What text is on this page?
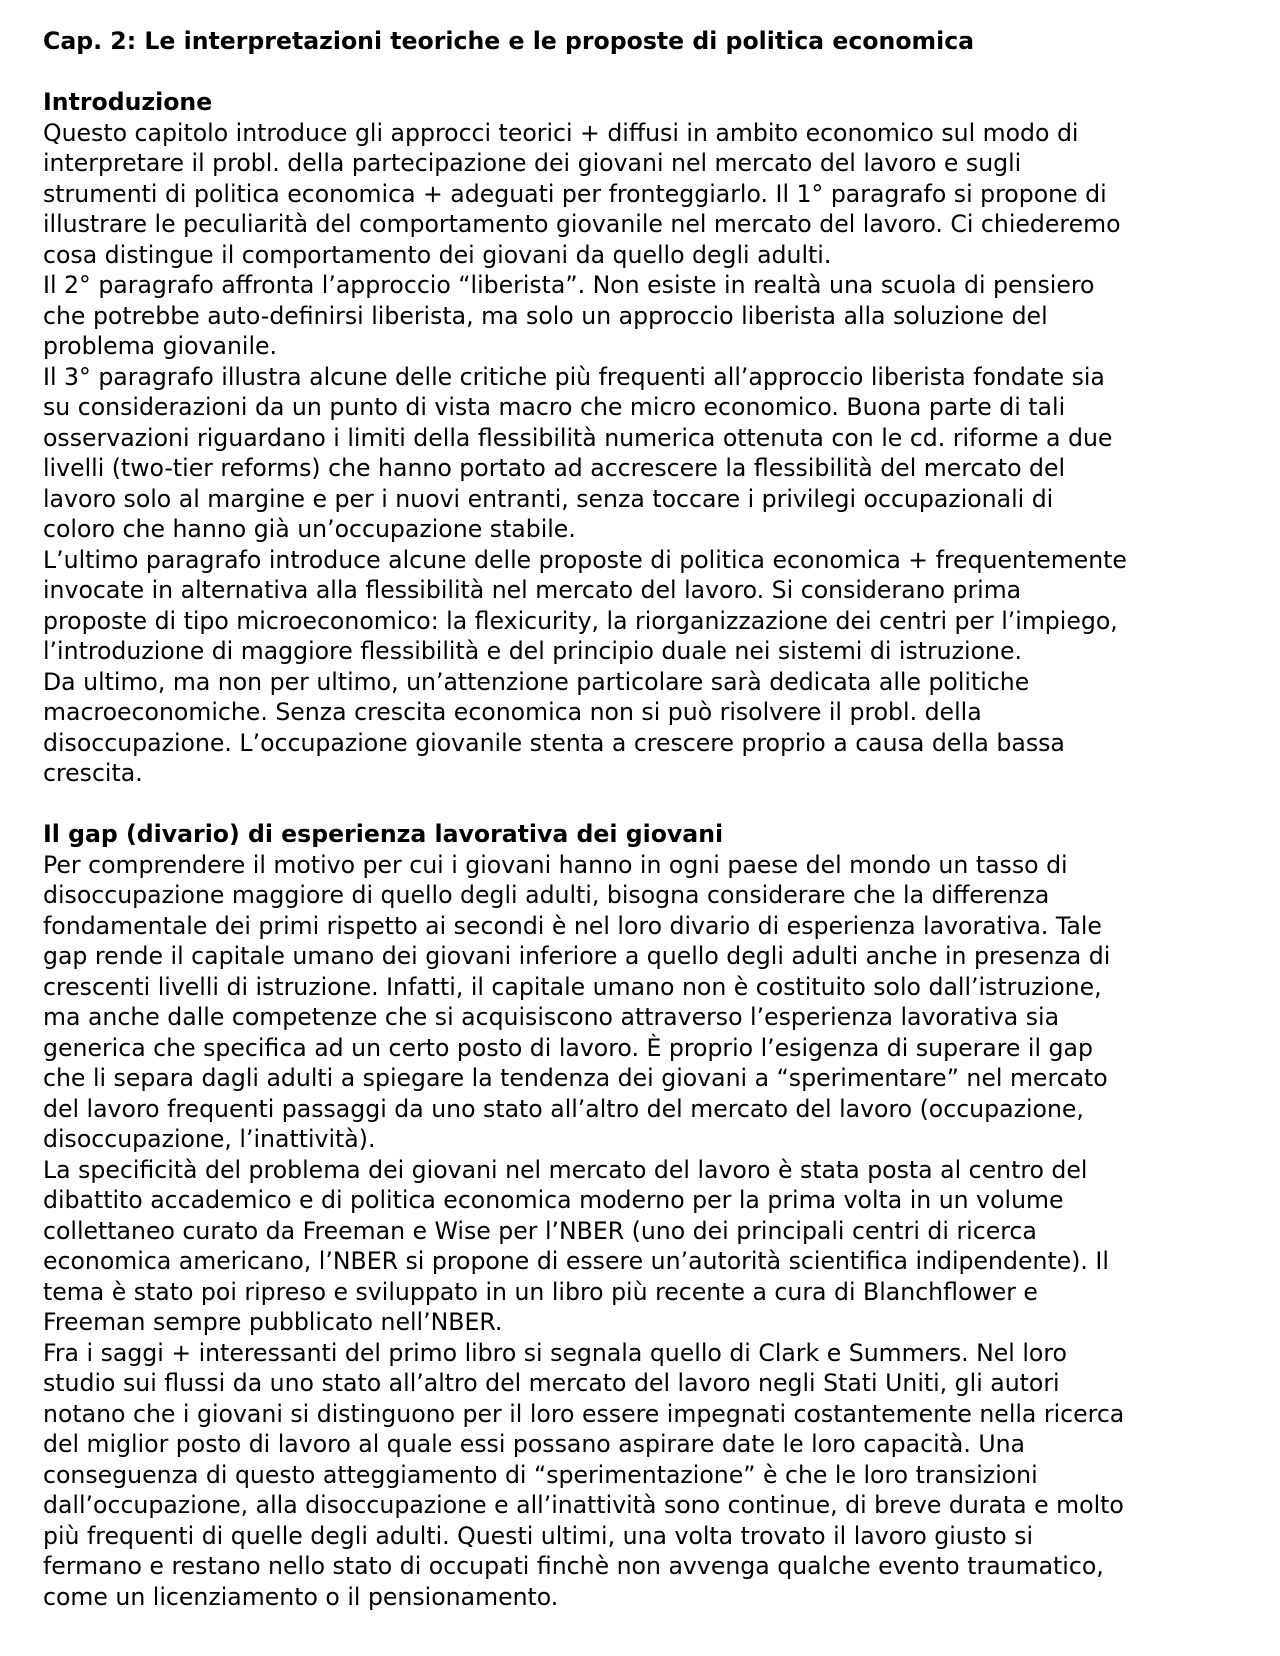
Cap. 2: Le interpretazioni teoriche e le proposte di politica economica
Introduzione
Questo capitolo introduce gli approcci teorici + diffusi in ambito economico sul modo di
interpretare il probl. della partecipazione dei giovani nel mercato del lavoro e sugli
strumenti di politica economica + adeguati per fronteggiarlo. Il 1° paragrafo si propone di
illustrare le peculiarità del comportamento giovanile nel mercato del lavoro. Ci chiederemo
cosa distingue il comportamento dei giovani da quello degli adulti.
Il 2° paragrafo affronta l’approccio “liberista”. Non esiste in realtà una scuola di pensiero
che potrebbe auto-definirsi liberista, ma solo un approccio liberista alla soluzione del
problema giovanile.
Il 3° paragrafo illustra alcune delle critiche più frequenti all’approccio liberista fondate sia
su considerazioni da un punto di vista macro che micro economico. Buona parte di tali
osservazioni riguardano i limiti della flessibilità numerica ottenuta con le cd. riforme a due
livelli (two-tier reforms) che hanno portato ad accrescere la flessibilità del mercato del
lavoro solo al margine e per i nuovi entranti, senza toccare i privilegi occupazionali di
coloro che hanno già un’occupazione stabile.
L’ultimo paragrafo introduce alcune delle proposte di politica economica + frequentemente
invocate in alternativa alla flessibilità nel mercato del lavoro. Si considerano prima
proposte di tipo microeconomico: la flexicurity, la riorganizzazione dei centri per l’impiego,
l’introduzione di maggiore flessibilità e del principio duale nei sistemi di istruzione.
Da ultimo, ma non per ultimo, un’attenzione particolare sarà dedicata alle politiche
macroeconomiche. Senza crescita economica non si può risolvere il probl. della
disoccupazione. L’occupazione giovanile stenta a crescere proprio a causa della bassa
crescita.
Il gap (divario) di esperienza lavorativa dei giovani
Per comprendere il motivo per cui i giovani hanno in ogni paese del mondo un tasso di
disoccupazione maggiore di quello degli adulti, bisogna considerare che la differenza
fondamentale dei primi rispetto ai secondi è nel loro divario di esperienza lavorativa. Tale
gap rende il capitale umano dei giovani inferiore a quello degli adulti anche in presenza di
crescenti livelli di istruzione. Infatti, il capitale umano non è costituito solo dall’istruzione,
ma anche dalle competenze che si acquisiscono attraverso l’esperienza lavorativa sia
generica che specifica ad un certo posto di lavoro. È proprio l’esigenza di superare il gap
che li separa dagli adulti a spiegare la tendenza dei giovani a “sperimentare” nel mercato
del lavoro frequenti passaggi da uno stato all’altro del mercato del lavoro (occupazione,
disoccupazione, l’inattività).
La specificità del problema dei giovani nel mercato del lavoro è stata posta al centro del
dibattito accademico e di politica economica moderno per la prima volta in un volume
collettaneo curato da Freeman e Wise per l’NBER (uno dei principali centri di ricerca
economica americano, l’NBER si propone di essere un’autorità scientifica indipendente). Il
tema è stato poi ripreso e sviluppato in un libro più recente a cura di Blanchflower e
Freeman sempre pubblicato nell’NBER.
Fra i saggi + interessanti del primo libro si segnala quello di Clark e Summers. Nel loro
studio sui flussi da uno stato all’altro del mercato del lavoro negli Stati Uniti, gli autori
notano che i giovani si distinguono per il loro essere impegnati costantemente nella ricerca
del miglior posto di lavoro al quale essi possano aspirare date le loro capacità. Una
conseguenza di questo atteggiamento di “sperimentazione” è che le loro transizioni
dall’occupazione, alla disoccupazione e all’inattività sono continue, di breve durata e molto
più frequenti di quelle degli adulti. Questi ultimi, una volta trovato il lavoro giusto si
fermano e restano nello stato di occupati finchè non avvenga qualche evento traumatico,
come un licenziamento o il pensionamento.
